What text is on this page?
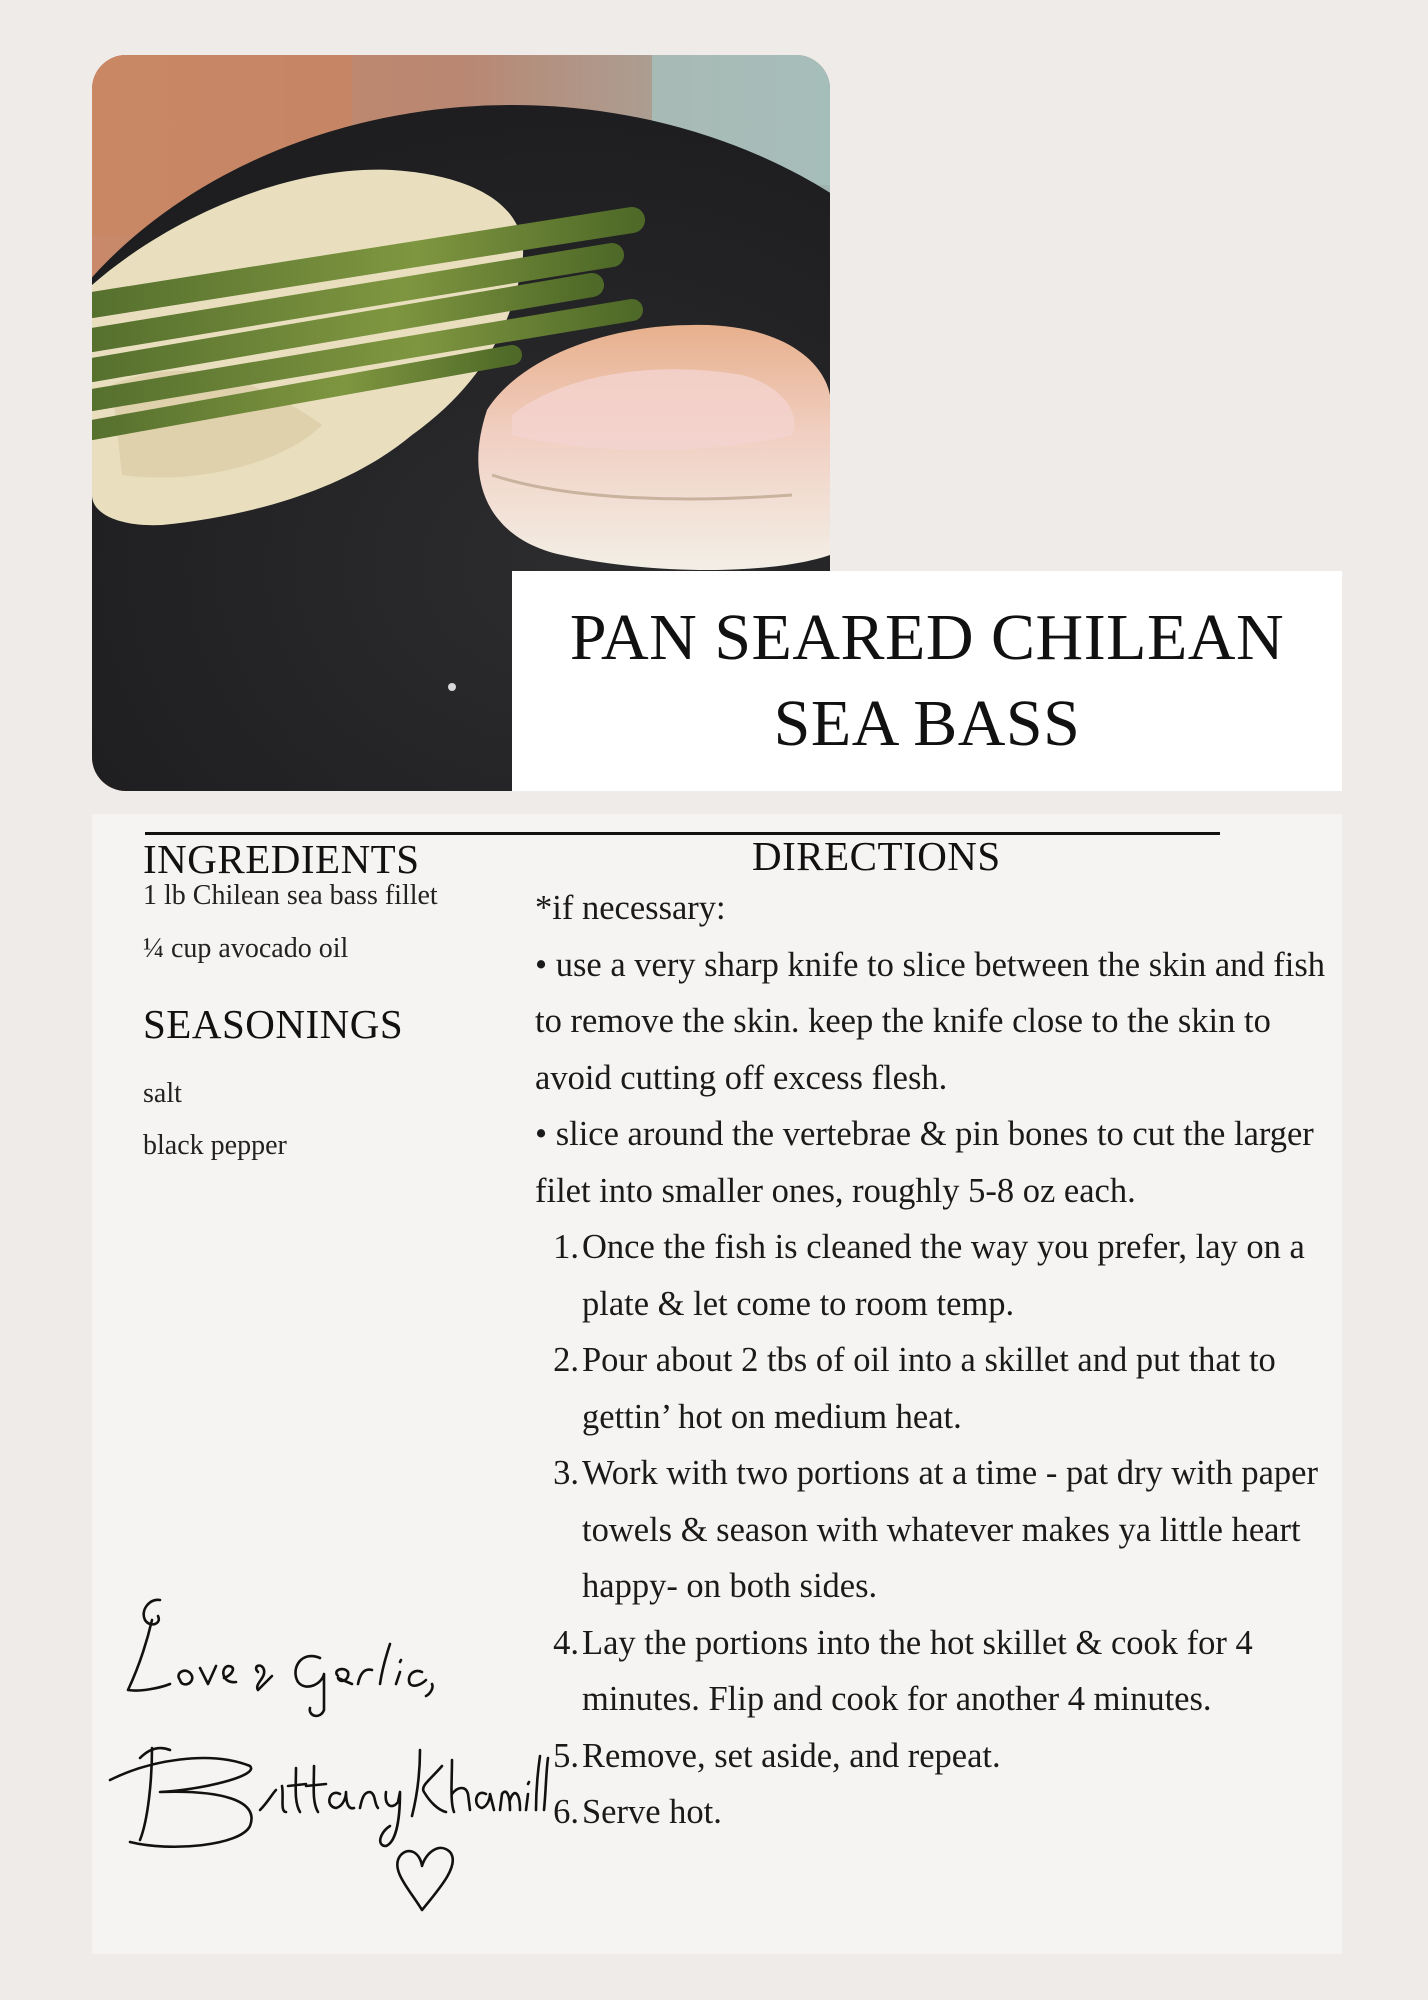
PAN SEARED CHILEAN
SEA BASS
INGREDIENTS

1 lb Chilean sea bass fillet

¼ cup avocado oil

SEASONINGS

salt

black pepper

DIRECTIONS

*if necessary:

• use a very sharp knife to slice between the skin and fish to remove the skin. keep the knife close to the skin to avoid cutting off excess flesh.

• slice around the vertebrae & pin bones to cut the larger filet into smaller ones, roughly 5-8 oz each.

1. Once the fish is cleaned the way you prefer, lay on a plate & let come to room temp.
2. Pour about 2 tbs of oil into a skillet and put that to gettin’ hot on medium heat.
3. Work with two portions at a time - pat dry with paper towels & season with whatever makes ya little heart happy- on both sides.
4. Lay the portions into the hot skillet & cook for 4 minutes. Flip and cook for another 4 minutes.
5. Remove, set aside, and repeat.
6. Serve hot.
